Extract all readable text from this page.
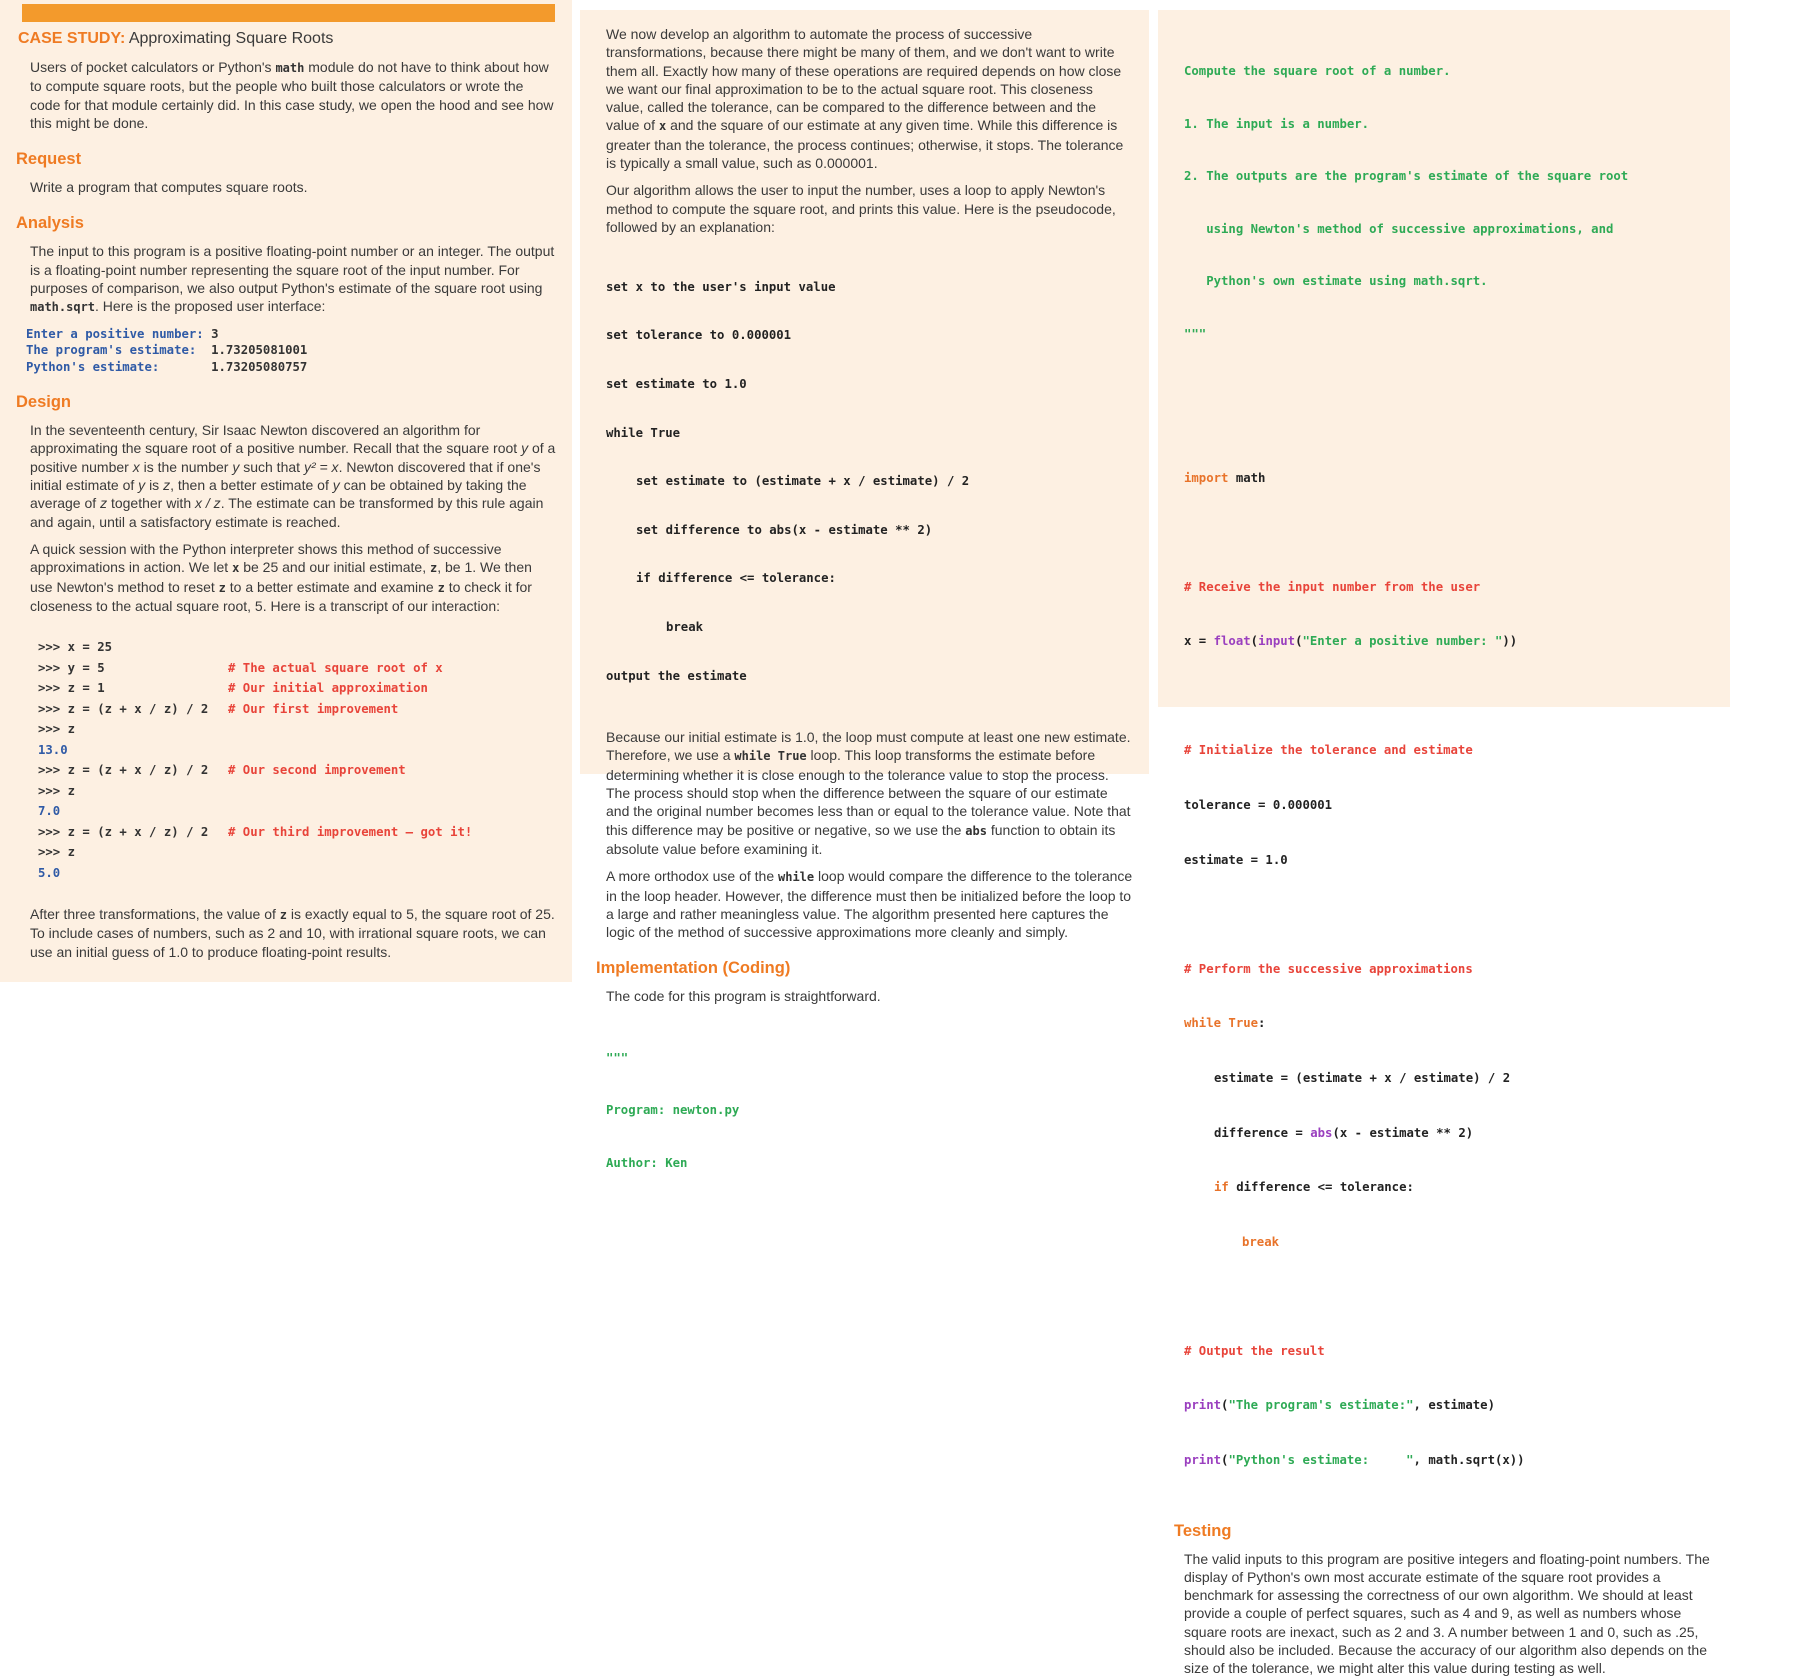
CASE STUDY: Approximating Square Roots

Users of pocket calculators or Python's math module do not have to think about how to compute square roots, but the people who built those calculators or wrote the code for that module certainly did. In this case study, we open the hood and see how this might be done.

Request

Write a program that computes square roots.

Analysis

The input to this program is a positive floating-point number or an integer. The output is a floating-point number representing the square root of the input number. For purposes of comparison, we also output Python's estimate of the square root using math.sqrt. Here is the proposed user interface:

Enter a positive number: 3
The program's estimate:  1.73205081001
Python's estimate:       1.73205080757
Design

In the seventeenth century, Sir Isaac Newton discovered an algorithm for approximating the square root of a positive number. Recall that the square root y of a positive number x is the number y such that y² = x. Newton discovered that if one's initial estimate of y is z, then a better estimate of y can be obtained by taking the average of z together with x / z. The estimate can be transformed by this rule again and again, until a satisfactory estimate is reached.

A quick session with the Python interpreter shows this method of successive approximations in action. We let x be 25 and our initial estimate, z, be 1. We then use Newton's method to reset z to a better estimate and examine z to check it for closeness to the actual square root, 5. Here is a transcript of our interaction:

>>> x = 25
>>> y = 5	# The actual square root of x
>>> z = 1	# Our initial approximation
>>> z = (z + x / z) / 2	# Our first improvement
>>> z
13.0
>>> z = (z + x / z) / 2	# Our second improvement
>>> z
7.0
>>> z = (z + x / z) / 2	# Our third improvement – got it!
>>> z
5.0

After three transformations, the value of z is exactly equal to 5, the square root of 25. To include cases of numbers, such as 2 and 10, with irrational square roots, we can use an initial guess of 1.0 to produce floating-point results.

We now develop an algorithm to automate the process of successive transformations, because there might be many of them, and we don't want to write them all. Exactly how many of these operations are required depends on how close we want our final approximation to be to the actual square root. This closeness value, called the tolerance, can be compared to the difference between and the value of x and the square of our estimate at any given time. While this difference is greater than the tolerance, the process continues; otherwise, it stops. The tolerance is typically a small value, such as 0.000001.

Our algorithm allows the user to input the number, uses a loop to apply Newton's method to compute the square root, and prints this value. Here is the pseudocode, followed by an explanation:

set x to the user's input value

set tolerance to 0.000001

set estimate to 1.0

while True

set estimate to (estimate + x / estimate) / 2

set difference to abs(x - estimate ** 2)

if difference <= tolerance:

break

output the estimate

Because our initial estimate is 1.0, the loop must compute at least one new estimate. Therefore, we use a while True loop. This loop transforms the estimate before determining whether it is close enough to the tolerance value to stop the process. The process should stop when the difference between the square of our estimate and the original number becomes less than or equal to the tolerance value. Note that this difference may be positive or negative, so we use the abs function to obtain its absolute value before examining it.

A more orthodox use of the while loop would compare the difference to the tolerance in the loop header. However, the difference must then be initialized before the loop to a large and rather meaningless value. The algorithm presented here captures the logic of the method of successive approximations more cleanly and simply.

Implementation (Coding)

The code for this program is straightforward.

"""

Program: newton.py

Author: Ken

Compute the square root of a number.

1. The input is a number.

2. The outputs are the program's estimate of the square root

using Newton's method of successive approximations, and

Python's own estimate using math.sqrt.

"""

import math

# Receive the input number from the user

x = float(input("Enter a positive number: "))

# Initialize the tolerance and estimate

tolerance = 0.000001

estimate = 1.0

# Perform the successive approximations

while True:

estimate = (estimate + x / estimate) / 2

difference = abs(x - estimate ** 2)

if difference <= tolerance:

break

# Output the result

print("The program's estimate:", estimate)

print("Python's estimate:     ", math.sqrt(x))

Testing

The valid inputs to this program are positive integers and floating-point numbers. The display of Python's own most accurate estimate of the square root provides a benchmark for assessing the correctness of our own algorithm. We should at least provide a couple of perfect squares, such as 4 and 9, as well as numbers whose square roots are inexact, such as 2 and 3. A number between 1 and 0, such as .25, should also be included. Because the accuracy of our algorithm also depends on the size of the tolerance, we might alter this value during testing as well.
